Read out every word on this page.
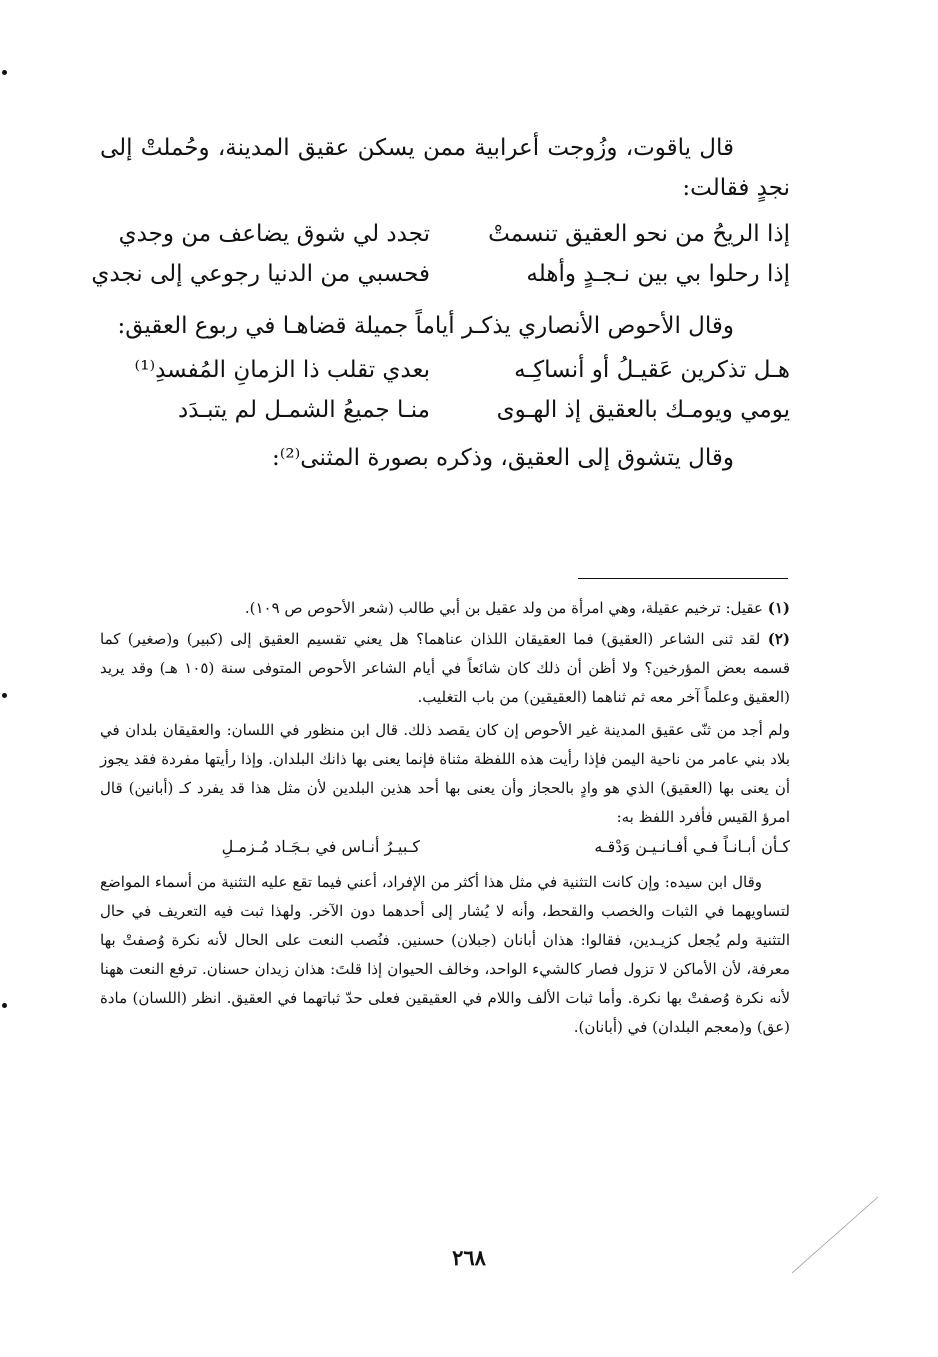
قال ياقوت، وزُوجت أعرابية ممن يسكن عقيق المدينة، وحُملتْ إلى نجدٍ فقالت:

إذا الريحُ من نحو العقيق تنسمتْ
تجدد لي شوق يضاعف من وجدي
إذا رحلوا بي بين نـجـدٍ وأهله
فحسبي من الدنيا رجوعي إلى نجدي

وقال الأحوص الأنصاري يذكـر أياماً جميلة قضاهـا في ربوع العقيق:

هـل تذكرين عَقيـلُ أو أنساكِـه
بعدي تقلب ذا الزمانِ المُفسدِ⁽¹⁾
يومي ويومـك بالعقيق إذ الهـوى
منـا جميعُ الشمـل لم يتبـدَد

وقال يتشوق إلى العقيق، وذكره بصورة المثنى⁽²⁾:

(١) عقيل: ترخيم عقيلة، وهي امرأة من ولد عقيل بن أبي طالب (شعر الأحوص ص ١٠٩).

(٢) لقد ثنى الشاعر (العقيق) فما العقيقان اللذان عناهما؟ هل يعني تقسيم العقيق إلى (كبير) و(صغير) كما قسمه بعض المؤرخين؟ ولا أظن أن ذلك كان شائعاً في أيام الشاعر الأحوص المتوفى سنة (١٠٥ هـ) وقد يريد (العقيق وعلماً آخر معه ثم ثناهما (العقيقين) من باب التغليب.

ولم أجد من ثنّى عقيق المدينة غير الأحوص إن كان يقصد ذلك. قال ابن منظور في اللسان: والعقيقان بلدان في بلاد بني عامر من ناحية اليمن فإذا رأيت هذه اللفظة مثناة فإنما يعنى بها ذانك البلدان. وإذا رأيتها مفردة فقد يجوز أن يعنى بها (العقيق) الذي هو وادٍ بالحجاز وأن يعنى بها أحد هذين البلدين لأن مثل هذا قد يفرد كـ (أبانين) قال امرؤ القيس فأفرد اللفظ به:

كـأن أبـانـاً فـي أفـانـيـن وَدْقـه
كـبيـرُ أنـاس في بـجَـاد مُـزمـلِ

وقال ابن سيده: وإن كانت التثنية في مثل هذا أكثر من الإفراد، أعني فيما تقع عليه التثنية من أسماء المواضع لتساويهما في الثبات والخصب والقحط، وأنه لا يُشار إلى أحدهما دون الآخر. ولهذا ثبت فيه التعريف في حال التثنية ولم يُجعل كزيـدين، فقالوا: هذان أبانان (جبلان) حسنين. فنُصب النعت على الحال لأنه نكرة وُصفتْ بها معرفة، لأن الأماكن لا تزول فصار كالشيء الواحد، وخالف الحيوان إذا قلتَ: هذان زيدان حسنان. ترفع النعت ههنا لأنه نكرة وُصفتْ بها نكرة. وأما ثبات الألف واللام في العقيقين فعلى حدّ ثباتهما في العقيق. انظر (اللسان) مادة (عق) و(معجم البلدان) في (أبانان).

٢٦٨
